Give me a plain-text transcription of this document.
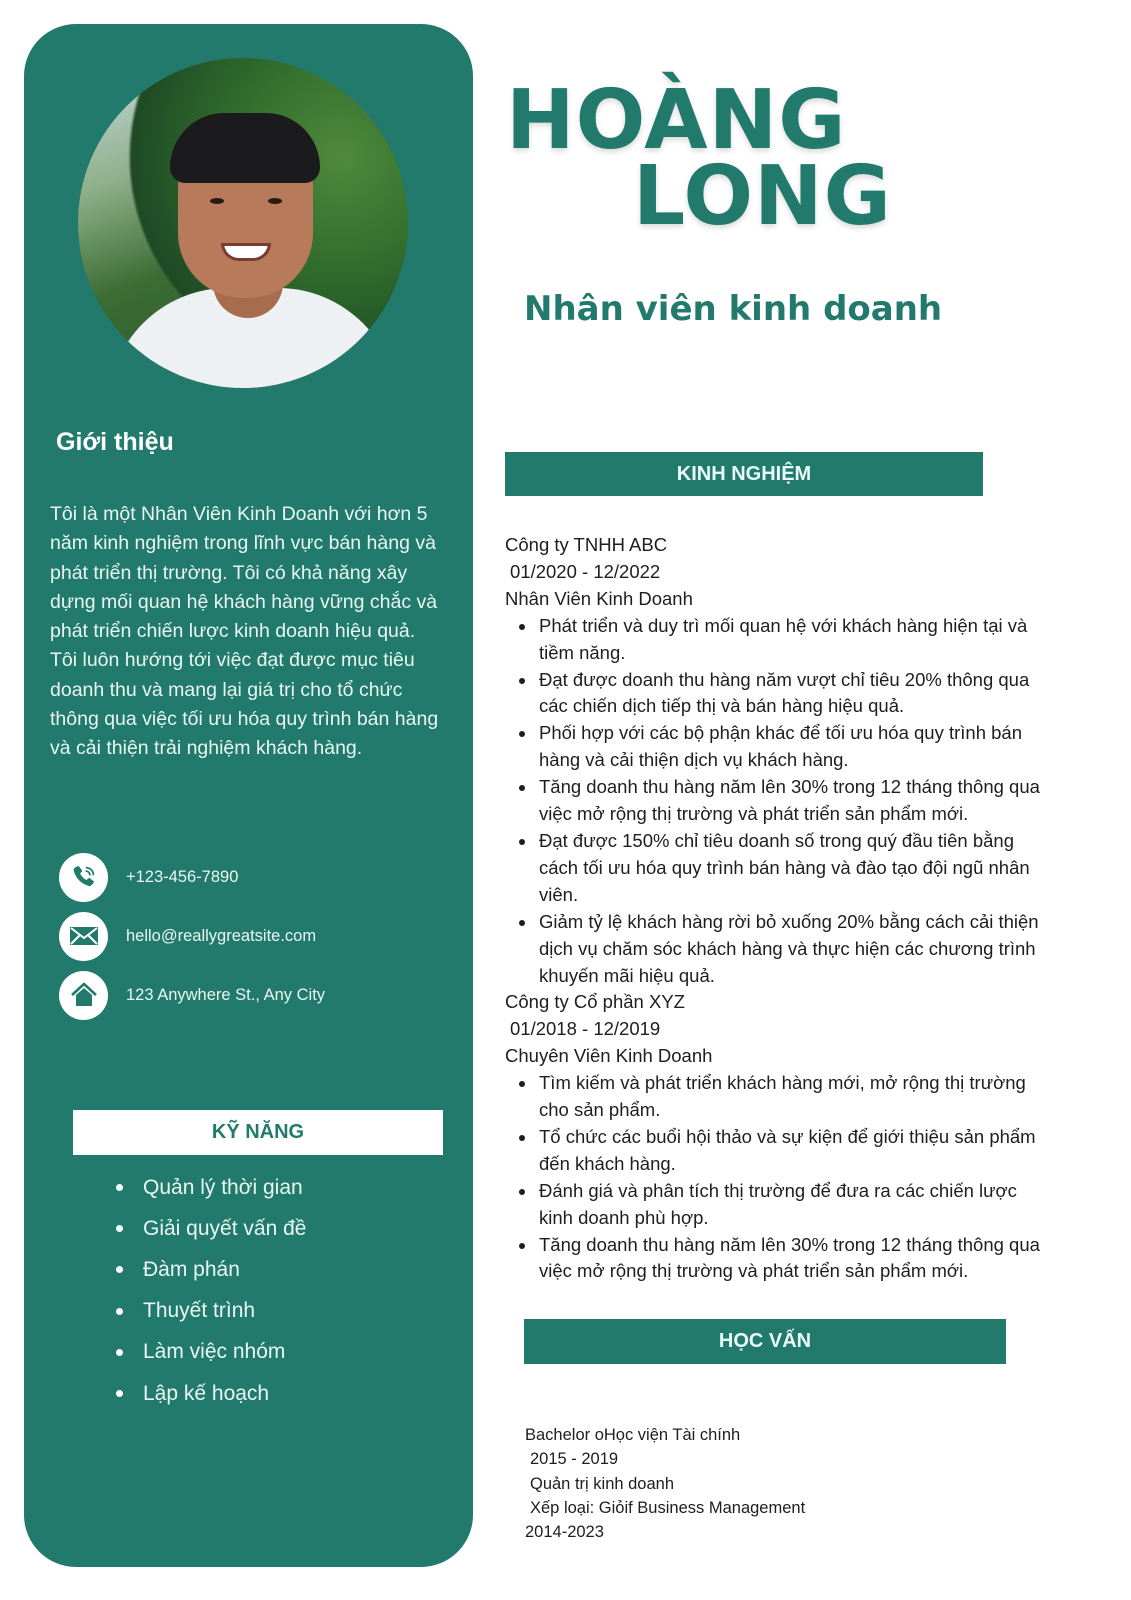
Giới thiệu
Tôi là một Nhân Viên Kinh Doanh với hơn 5 năm kinh nghiệm trong lĩnh vực bán hàng và phát triển thị trường. Tôi có khả năng xây dựng mối quan hệ khách hàng vững chắc và phát triển chiến lược kinh doanh hiệu quả. Tôi luôn hướng tới việc đạt được mục tiêu doanh thu và mang lại giá trị cho tổ chức thông qua việc tối ưu hóa quy trình bán hàng và cải thiện trải nghiệm khách hàng.
+123-456-7890
hello@reallygreatsite.com
123 Anywhere St., Any City
KỸ NĂNG
Quản lý thời gian
Giải quyết vấn đề
Đàm phán
Thuyết trình
Làm việc nhóm
Lập kế hoạch
HOÀNG
LONG
Nhân viên kinh doanh
KINH NGHIỆM
Công ty TNHH ABC
01/2020 - 12/2022
Nhân Viên Kinh Doanh
Phát triển và duy trì mối quan hệ với khách hàng hiện tại và tiềm năng.
Đạt được doanh thu hàng năm vượt chỉ tiêu 20% thông qua các chiến dịch tiếp thị và bán hàng hiệu quả.
Phối hợp với các bộ phận khác để tối ưu hóa quy trình bán hàng và cải thiện dịch vụ khách hàng.
Tăng doanh thu hàng năm lên 30% trong 12 tháng thông qua việc mở rộng thị trường và phát triển sản phẩm mới.
Đạt được 150% chỉ tiêu doanh số trong quý đầu tiên bằng cách tối ưu hóa quy trình bán hàng và đào tạo đội ngũ nhân viên.
Giảm tỷ lệ khách hàng rời bỏ xuống 20% bằng cách cải thiện dịch vụ chăm sóc khách hàng và thực hiện các chương trình khuyến mãi hiệu quả.
Công ty Cổ phần XYZ
01/2018 - 12/2019
Chuyên Viên Kinh Doanh
Tìm kiếm và phát triển khách hàng mới, mở rộng thị trường cho sản phẩm.
Tổ chức các buổi hội thảo và sự kiện để giới thiệu sản phẩm đến khách hàng.
Đánh giá và phân tích thị trường để đưa ra các chiến lược kinh doanh phù hợp.
Tăng doanh thu hàng năm lên 30% trong 12 tháng thông qua việc mở rộng thị trường và phát triển sản phẩm mới.
HỌC VẤN
Bachelor oHọc viện Tài chính
2015 - 2019
Quản trị kinh doanh
Xếp loại: Giỏif Business Management
2014-2023
